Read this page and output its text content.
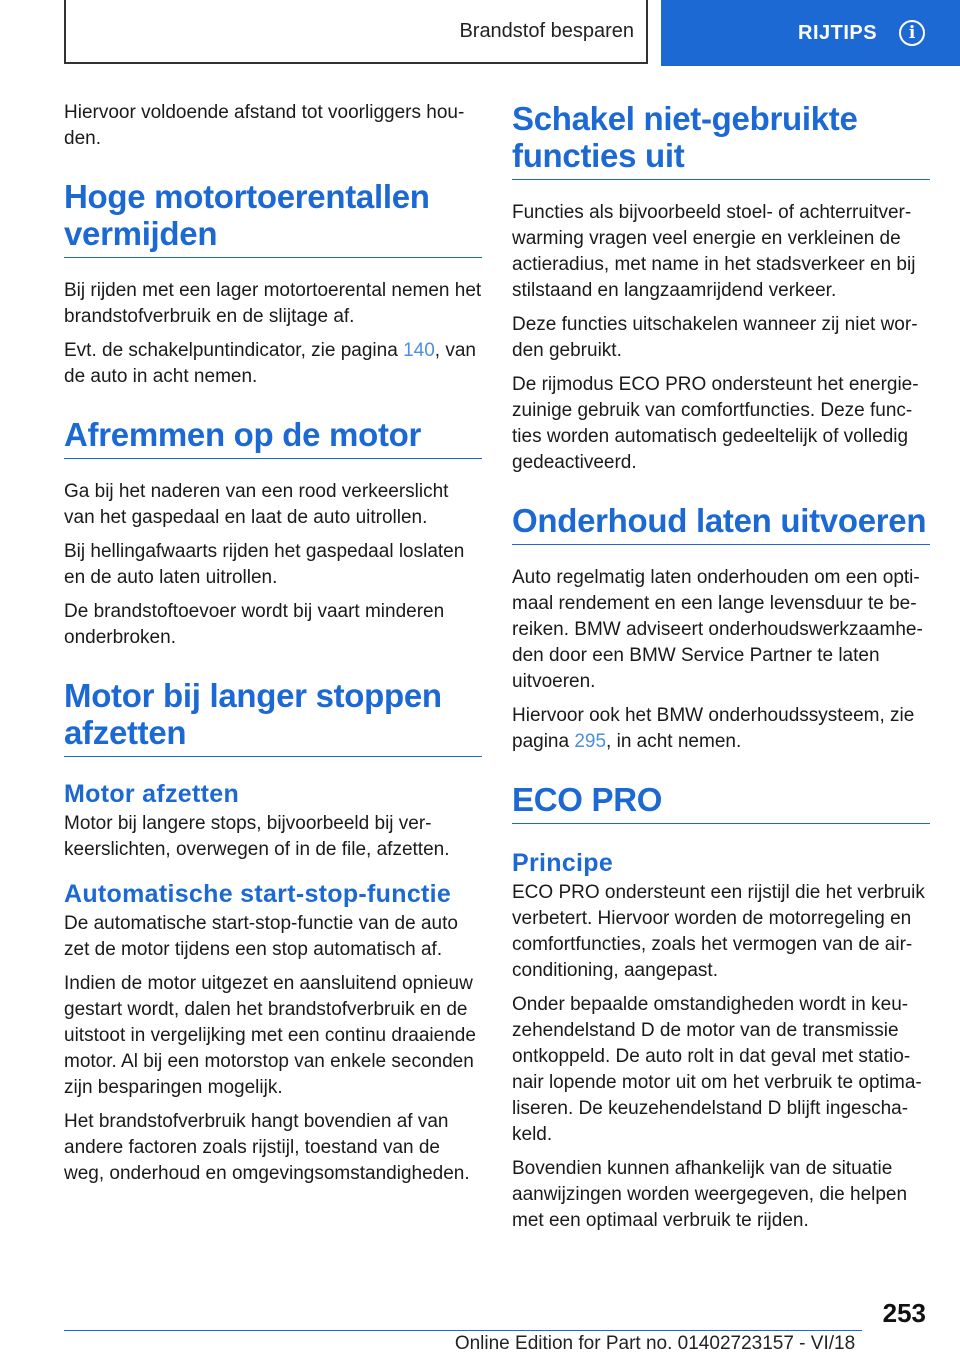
Brandstof besparen	RIJTIPS	i

Hiervoor voldoende afstand tot voorliggers hou-den.

Hoge motortoerentallen vermijden

Bij rijden met een lager motortoerental nemen het brandstofverbruik en de slijtage af.

Evt. de schakelpuntindicator, zie pagina 140, van de auto in acht nemen.

Afremmen op de motor

Ga bij het naderen van een rood verkeerslicht van het gaspedaal en laat de auto uitrollen.

Bij hellingafwaarts rijden het gaspedaal loslaten en de auto laten uitrollen.

De brandstoftoevoer wordt bij vaart minderen onderbroken.

Motor bij langer stoppen afzetten
Motor afzetten

Motor bij langere stops, bijvoorbeeld bij ver-keerslichten, overwegen of in de file, afzetten.

Automatische start-stop-functie

De automatische start-stop-functie van de auto zet de motor tijdens een stop automatisch af.

Indien de motor uitgezet en aansluitend opnieuw gestart wordt, dalen het brandstofverbruik en de uitstoot in vergelijking met een continu draaiende motor. Al bij een motorstop van enkele seconden zijn besparingen mogelijk.

Het brandstofverbruik hangt bovendien af van andere factoren zoals rijstijl, toestand van de weg, onderhoud en omgevingsomstandigheden.

Schakel niet-gebruikte functies uit

Functies als bijvoorbeeld stoel- of achterruitver-warming vragen veel energie en verkleinen de actieradius, met name in het stadsverkeer en bij stilstaand en langzaamrijdend verkeer.

Deze functies uitschakelen wanneer zij niet wor-den gebruikt.

De rijmodus ECO PRO ondersteunt het energie-zuinige gebruik van comfortfuncties. Deze func-ties worden automatisch gedeeltelijk of volledig gedeactiveerd.

Onderhoud laten uitvoeren

Auto regelmatig laten onderhouden om een opti-maal rendement en een lange levensduur te be-reiken. BMW adviseert onderhoudswerkzaamhe-den door een BMW Service Partner te laten uitvoeren.

Hiervoor ook het BMW onderhoudssysteem, zie pagina 295, in acht nemen.

ECO PRO
Principe

ECO PRO ondersteunt een rijstijl die het verbruik verbetert. Hiervoor worden de motorregeling en comfortfuncties, zoals het vermogen van de air-conditioning, aangepast.

Onder bepaalde omstandigheden wordt in keu-zehendelstand D de motor van de transmissie ontkoppeld. De auto rolt in dat geval met statio-nair lopende motor uit om het verbruik te optima-liseren. De keuzehendelstand D blijft ingescha-keld.

Bovendien kunnen afhankelijk van de situatie aanwijzingen worden weergegeven, die helpen met een optimaal verbruik te rijden.

253
Online Edition for Part no. 01402723157 - VI/18
